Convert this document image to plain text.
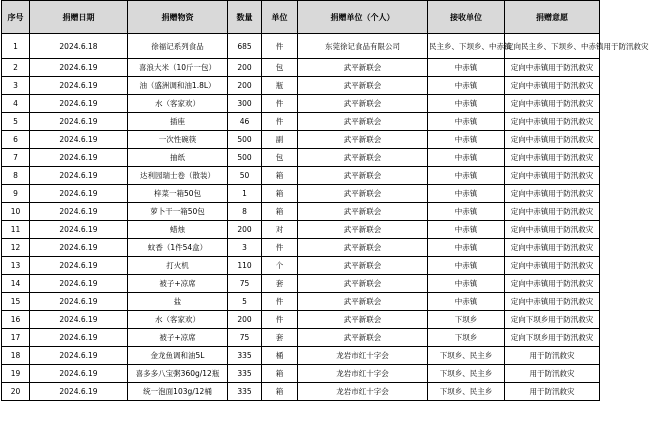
序号	捐赠日期	捐赠物资	数量	单位	捐赠单位（个人）	接收单位	捐赠意愿
1	2024.6.18	徐福记系列食品	685	件	东莞徐记食品有限公司	民主乡、下坝乡、中赤镇	定向民主乡、下坝乡、中赤镇用于防汛救灾
2	2024.6.19	喜浪大米（10斤一包）	200	包	武平新联会	中赤镇	定向中赤镇用于防汛救灾
3	2024.6.19	油（盛洲调和油1.8L）	200	瓶	武平新联会	中赤镇	定向中赤镇用于防汛救灾
4	2024.6.19	水（客家欢）	300	件	武平新联会	中赤镇	定向中赤镇用于防汛救灾
5	2024.6.19	插座	46	件	武平新联会	中赤镇	定向中赤镇用于防汛救灾
6	2024.6.19	一次性碗筷	500	副	武平新联会	中赤镇	定向中赤镇用于防汛救灾
7	2024.6.19	抽纸	500	包	武平新联会	中赤镇	定向中赤镇用于防汛救灾
8	2024.6.19	达利园瑞士卷（散装）	50	箱	武平新联会	中赤镇	定向中赤镇用于防汛救灾
9	2024.6.19	梓菜一箱50包	1	箱	武平新联会	中赤镇	定向中赤镇用于防汛救灾
10	2024.6.19	萝卜干一箱50包	8	箱	武平新联会	中赤镇	定向中赤镇用于防汛救灾
11	2024.6.19	蜡烛	200	对	武平新联会	中赤镇	定向中赤镇用于防汛救灾
12	2024.6.19	蚊香（1件54盒）	3	件	武平新联会	中赤镇	定向中赤镇用于防汛救灾
13	2024.6.19	打火机	110	个	武平新联会	中赤镇	定向中赤镇用于防汛救灾
14	2024.6.19	被子+凉席	75	套	武平新联会	中赤镇	定向中赤镇用于防汛救灾
15	2024.6.19	盐	5	件	武平新联会	中赤镇	定向中赤镇用于防汛救灾
16	2024.6.19	水（客家欢）	200	件	武平新联会	下坝乡	定向下坝乡用于防汛救灾
17	2024.6.19	被子+凉席	75	套	武平新联会	下坝乡	定向下坝乡用于防汛救灾
18	2024.6.19	金龙鱼调和油5L	335	桶	龙岩市红十字会	下坝乡、民主乡	用于防汛救灾
19	2024.6.19	喜多多八宝粥360g/12瓶	335	箱	龙岩市红十字会	下坝乡、民主乡	用于防汛救灾
20	2024.6.19	统一泡面103g/12桶	335	箱	龙岩市红十字会	下坝乡、民主乡	用于防汛救灾
